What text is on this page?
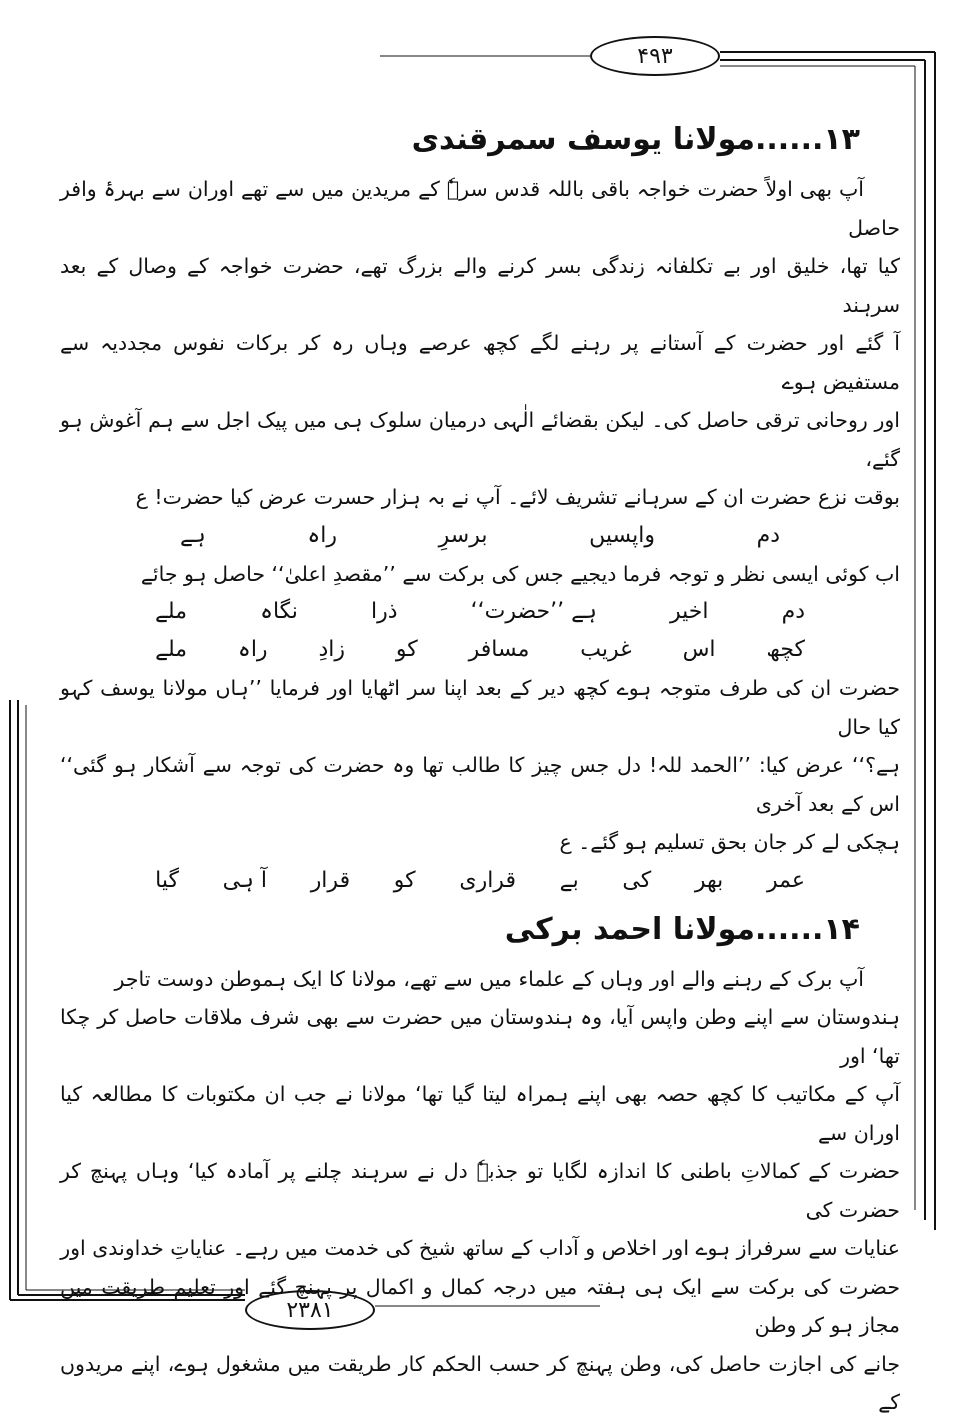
۴۹۳
۲۳۸۱
۱۳......مولانا یوسف سمرقندی

آپ بھی اولاً حضرت خواجہ باقی باللہ قدس سرہٗ کے مریدین میں سے تھے اوران سے بہرۂ وافر حاصل

کیا تھا، خلیق اور بے تکلفانہ زندگی بسر کرنے والے بزرگ تھے، حضرت خواجہ کے وصال کے بعد سرہند

آ گئے اور حضرت کے آستانے پر رہنے لگے کچھ عرصے وہاں رہ کر برکات نفوس مجددیہ سے مستفیض ہوے

اور روحانی ترقی حاصل کی۔ لیکن بقضائے الٰہی درمیان سلوک ہی میں پیک اجل سے ہم آغوش ہو گئے،

بوقت نزع حضرت ان کے سرہانے تشریف لائے۔ آپ نے بہ ہزار حسرت عرض کیا حضرت! ع

دم
واپسیں
برسرِ
راہ
ہے

اب کوئی ایسی نظر و توجہ فرما دیجیے جس کی برکت سے ’’مقصدِ اعلیٰ‘‘ حاصل ہو جائے

دم
اخیر
ہے ’’حضرت‘‘
ذرا
نگاہ
ملے
کچھ
اس
غریب
مسافر
کو
زادِ
راہ
ملے

حضرت ان کی طرف متوجہ ہوے کچھ دیر کے بعد اپنا سر اٹھایا اور فرمایا ’’ہاں مولانا یوسف کہو کیا حال

ہے؟‘‘ عرض کیا: ’’الحمد للہ! دل جس چیز کا طالب تھا وہ حضرت کی توجہ سے آشکار ہو گئی‘‘ اس کے بعد آخری

ہچکی لے کر جان بحق تسلیم ہو گئے۔ ع

عمر
بھر
کی
بے
قراری
کو
قرار
آ ہی
گیا
۱۴......مولانا احمد برکی

آپ برک کے رہنے والے اور وہاں کے علماء میں سے تھے، مولانا کا ایک ہموطن دوست تاجر

ہندوستان سے اپنے وطن واپس آیا، وہ ہندوستان میں حضرت سے بھی شرف ملاقات حاصل کر چکا تھا‘ اور

آپ کے مکاتیب کا کچھ حصہ بھی اپنے ہمراہ لیتا گیا تھا‘ مولانا نے جب ان مکتوبات کا مطالعہ کیا اوران سے

حضرت کے کمالاتِ باطنی کا اندازہ لگایا تو جذبہٗ دل نے سرہند چلنے پر آمادہ کیا‘ وہاں پہنچ کر حضرت کی

عنایات سے سرفراز ہوے اور اخلاص و آداب کے ساتھ شیخ کی خدمت میں رہے۔ عنایاتِ خداوندی اور

حضرت کی برکت سے ایک ہی ہفتہ میں درجہ کمال و اکمال پر پہنچ گئے اور تعلیم طریقت میں مجاز ہو کر وطن

جانے کی اجازت حاصل کی، وطن پہنچ کر حسب الحکم کار طریقت میں مشغول ہوے، اپنے مریدوں کے
